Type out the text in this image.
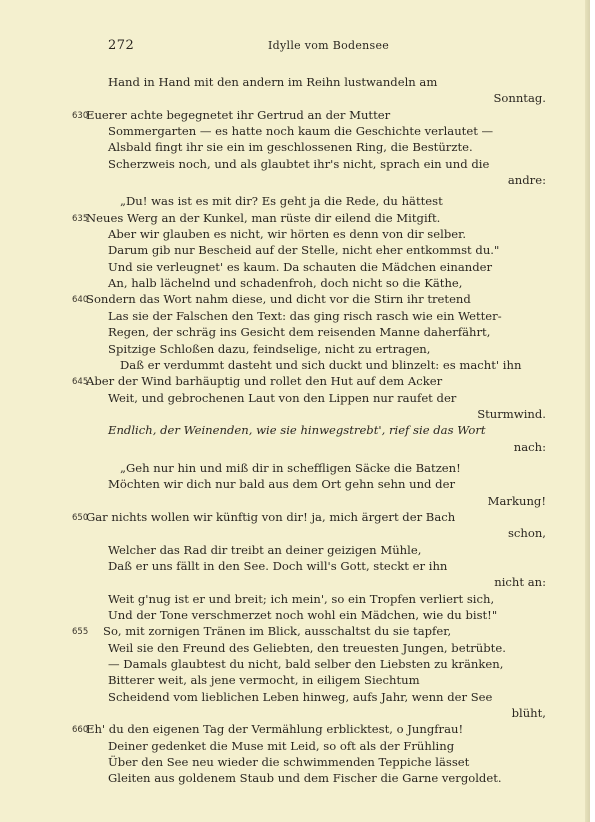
272	Idylle vom Bodensee
Hand in Hand mit den andern im Reihn lustwandeln am
Sonntag.
630
Euerer achte begegnetet ihr Gertrud an der Mutter
Sommergarten — es hatte noch kaum die Geschichte verlautet —
Alsbald fingt ihr sie ein im geschlossenen Ring, die Bestürzte.
Scherzweis noch, und als glaubtet ihr's nicht, sprach ein und die
andre:
„Du! was ist es mit dir? Es geht ja die Rede, du hättest
635
Neues Werg an der Kunkel, man rüste dir eilend die Mitgift.
Aber wir glauben es nicht, wir hörten es denn von dir selber.
Darum gib nur Bescheid auf der Stelle, nicht eher entkommst du."
Und sie verleugnet' es kaum. Da schauten die Mädchen einander
An, halb lächelnd und schadenfroh, doch nicht so die Käthe,
640
Sondern das Wort nahm diese, und dicht vor die Stirn ihr tretend
Las sie der Falschen den Text: das ging risch rasch wie ein Wetter-
Regen, der schräg ins Gesicht dem reisenden Manne daherfährt,
Spitzige Schloßen dazu, feindselige, nicht zu ertragen,
Daß er verdummt dasteht und sich duckt und blinzelt: es macht' ihn
645
Aber der Wind barhäuptig und rollet den Hut auf dem Acker
Weit, und gebrochenen Laut von den Lippen nur raufet der
Sturmwind.
Endlich, der Weinenden, wie sie hinwegstrebt', rief sie das Wort
nach:
„Geh nur hin und miß dir in scheffligen Säcke die Batzen!
Möchten wir dich nur bald aus dem Ort gehn sehn und der
Markung!
650
Gar nichts wollen wir künftig von dir! ja, mich ärgert der Bach
schon,
Welcher das Rad dir treibt an deiner geizigen Mühle,
Daß er uns fällt in den See. Doch will's Gott, steckt er ihn
nicht an:
Weit g'nug ist er und breit; ich mein', so ein Tropfen verliert sich,
Und der Tone verschmerzet noch wohl ein Mädchen, wie du bist!"
655 So, mit zornigen Tränen im Blick, ausschaltst du sie tapfer,
Weil sie den Freund des Geliebten, den treuesten Jungen, betrübte.
— Damals glaubtest du nicht, bald selber den Liebsten zu kränken,
Bitterer weit, als jene vermocht, in eiligem Siechtum
Scheidend vom lieblichen Leben hinweg, aufs Jahr, wenn der See
blüht,
660
Eh' du den eigenen Tag der Vermählung erblicktest, o Jungfrau!
Deiner gedenket die Muse mit Leid, so oft als der Frühling
Über den See neu wieder die schwimmenden Teppiche lässet
Gleiten aus goldenem Staub und dem Fischer die Garne vergoldet.
